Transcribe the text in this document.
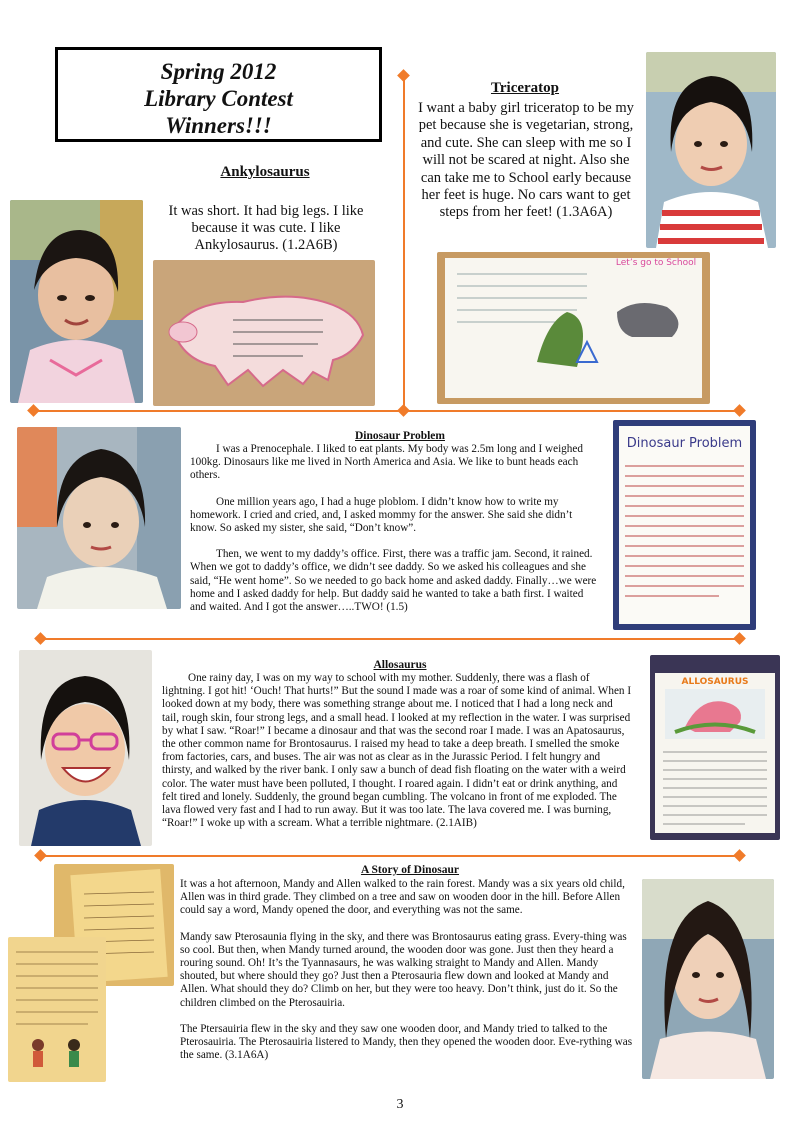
Spring 2012
Library Contest
Winners!!!
Ankylosaurus
It was short. It had big legs. I like because it was cute. I like Ankylosaurus. (1.2A6B)
Triceratop
I want a baby girl triceratop to be my pet because she is vegetarian, strong, and cute. She can sleep with me so I will not be scared at night. Also she can take me to School early because her feet is huge. No cars want to get steps from her feet! (1.3A6A)
Let’s go to School
Dinosaur Problem

I was a Prenocephale. I liked to eat plants. My body was 2.5m long and I weighed 100kg. Dinosaurs like me lived in North America and Asia. We like to bunt heads each others.

One million years ago, I had a huge ploblom. I didn’t know how to write my homework. I cried and cried, and, I asked mommy for the answer. She said she didn’t know. So asked my sister, she said, “Don’t know”.

Then, we went to my daddy’s office. First, there was a traffic jam. Second, it rained. When we got to daddy’s office, we didn’t see daddy. So we asked his colleagues and she said, “He went home”. So we needed to go back home and asked daddy. Finally…we were home and I asked daddy for help. But daddy said he wanted to take a bath first. I waited and waited. And I got the answer…..TWO! (1.5)

Dinosaur Problem
Allosaurus
One rainy day, I was on my way to school with my mother. Suddenly, there was a flash of lightning. I got hit! ‘Ouch! That hurts!” But the sound I made was a roar of some kind of animal. When I looked down at my body, there was something strange about me. I noticed that I had a long neck and tail, rough skin, four strong legs, and a small head. I looked at my reflection in the water. I was surprised by what I saw. “Roar!” I became a dinosaur and that was the second roar I made. I was an Apatosaurus, the other common name for Brontosaurus. I raised my head to take a deep breath. I smelled the smoke from factories, cars, and buses. The air was not as clear as in the Jurassic Period. I felt hungry and thirsty, and walked by the river bank. I only saw a bunch of dead fish floating on the water with a weird color. The water must have been polluted, I thought. I roared again. I didn’t eat or drink anything, and felt tired and lonely. Suddenly, the ground began cumbling. The volcano in front of me exploded. The lava flowed very fast and I had to run away. But it was too late. The lava covered me. I was burning, “Roar!” I woke up with a scream. What a terrible nightmare. (2.1AIB)
ALLOSAURUS
A Story of Dinosaur

It was a hot afternoon, Mandy and Allen walked to the rain forest. Mandy was a six years old child, Allen was in third grade. They climbed on a tree and saw on wooden door in the hill. Before Allen could say a word, Mandy opened the door, and everything was not the same.

Mandy saw Pterosaunia flying in the sky, and there was Brontosaurus eating grass. Every-thing was so cool. But then, when Mandy turned around, the wooden door was gone. Just then they heard a rouring sound. Oh! It’s the Tyannasaurs, he was walking straight to Mandy and Allen. Mandy shouted, but where should they go? Just then a Pterosauria flew down and looked at Mandy and Allen. What should they do? Climb on her, but they were too heavy. Don’t think, just do it. So the children climbed on the Pterosauiria.

The Ptersauiria flew in the sky and they saw one wooden door, and Mandy tried to talked to the Pterosauiria. The Pterosauiria listered to Mandy, then they opened the wooden door. Eve-rything was the same. (3.1A6A)

3
